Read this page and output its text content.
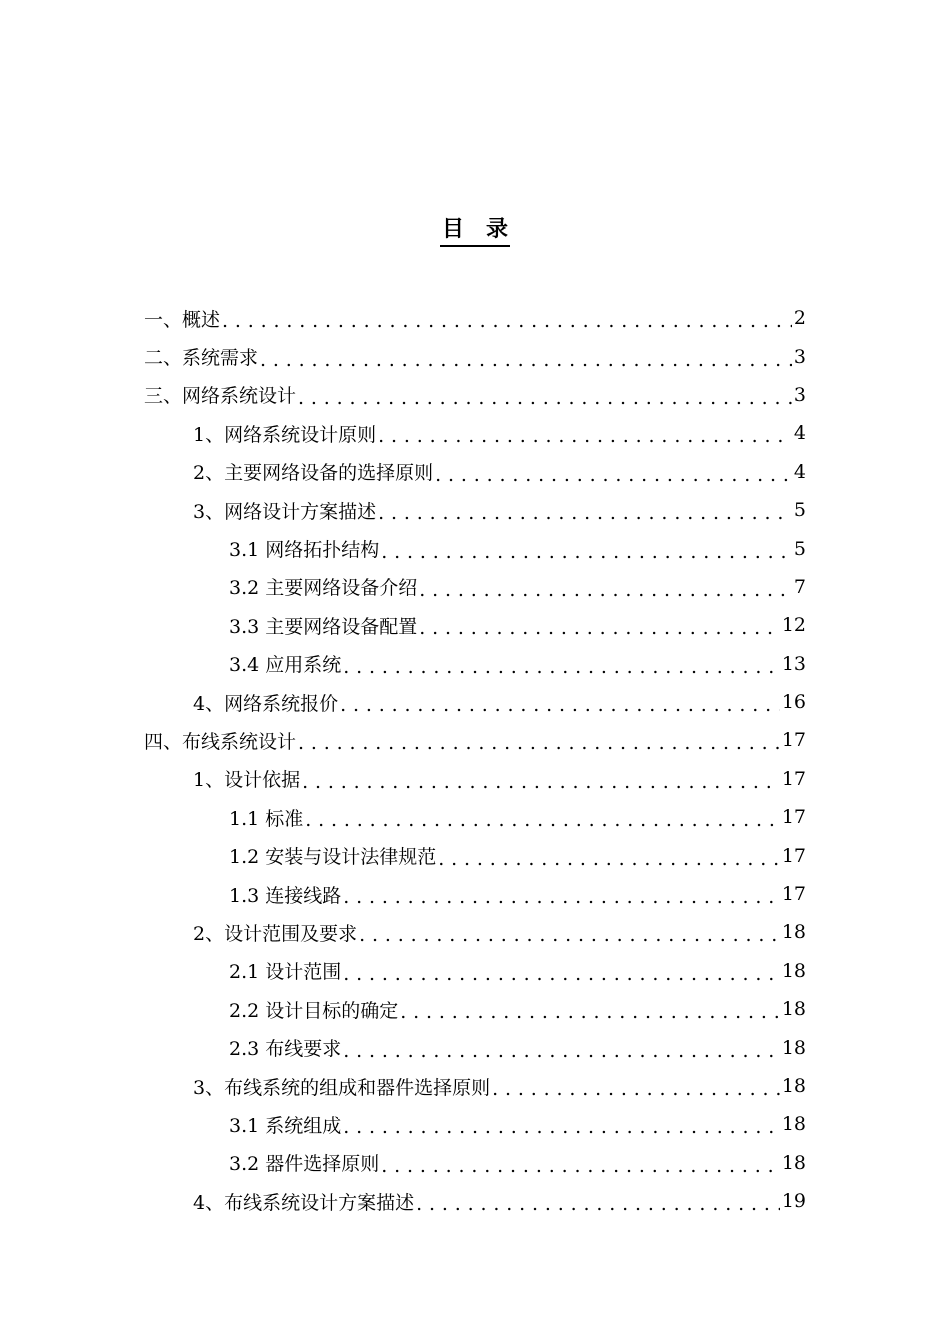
目　录
一、概述 . . .	2
二、系统需求 . . .	3
三、网络系统设计 . . .	3
1、网络系统设计原则 . . .	4
2、主要网络设备的选择原则 . . .	4
3、网络设计方案描述 . . .	5
3.1 网络拓扑结构 . . .	5
3.2 主要网络设备介绍 . . .	7
3.3 主要网络设备配置 . . .	12
3.4 应用系统 . . .	13
4、网络系统报价 . . .	16
四、布线系统设计 . . .	17
1、设计依据 . . .	17
1.1 标准 . . .	17
1.2 安装与设计法律规范 . . .	17
1.3 连接线路 . . .	17
2、设计范围及要求 . . .	18
2.1 设计范围 . . .	18
2.2 设计目标的确定 . . .	18
2.3 布线要求 . . .	18
3、布线系统的组成和器件选择原则 . . .	18
3.1 系统组成 . . .	18
3.2 器件选择原则 . . .	18
4、布线系统设计方案描述 . . .	19
